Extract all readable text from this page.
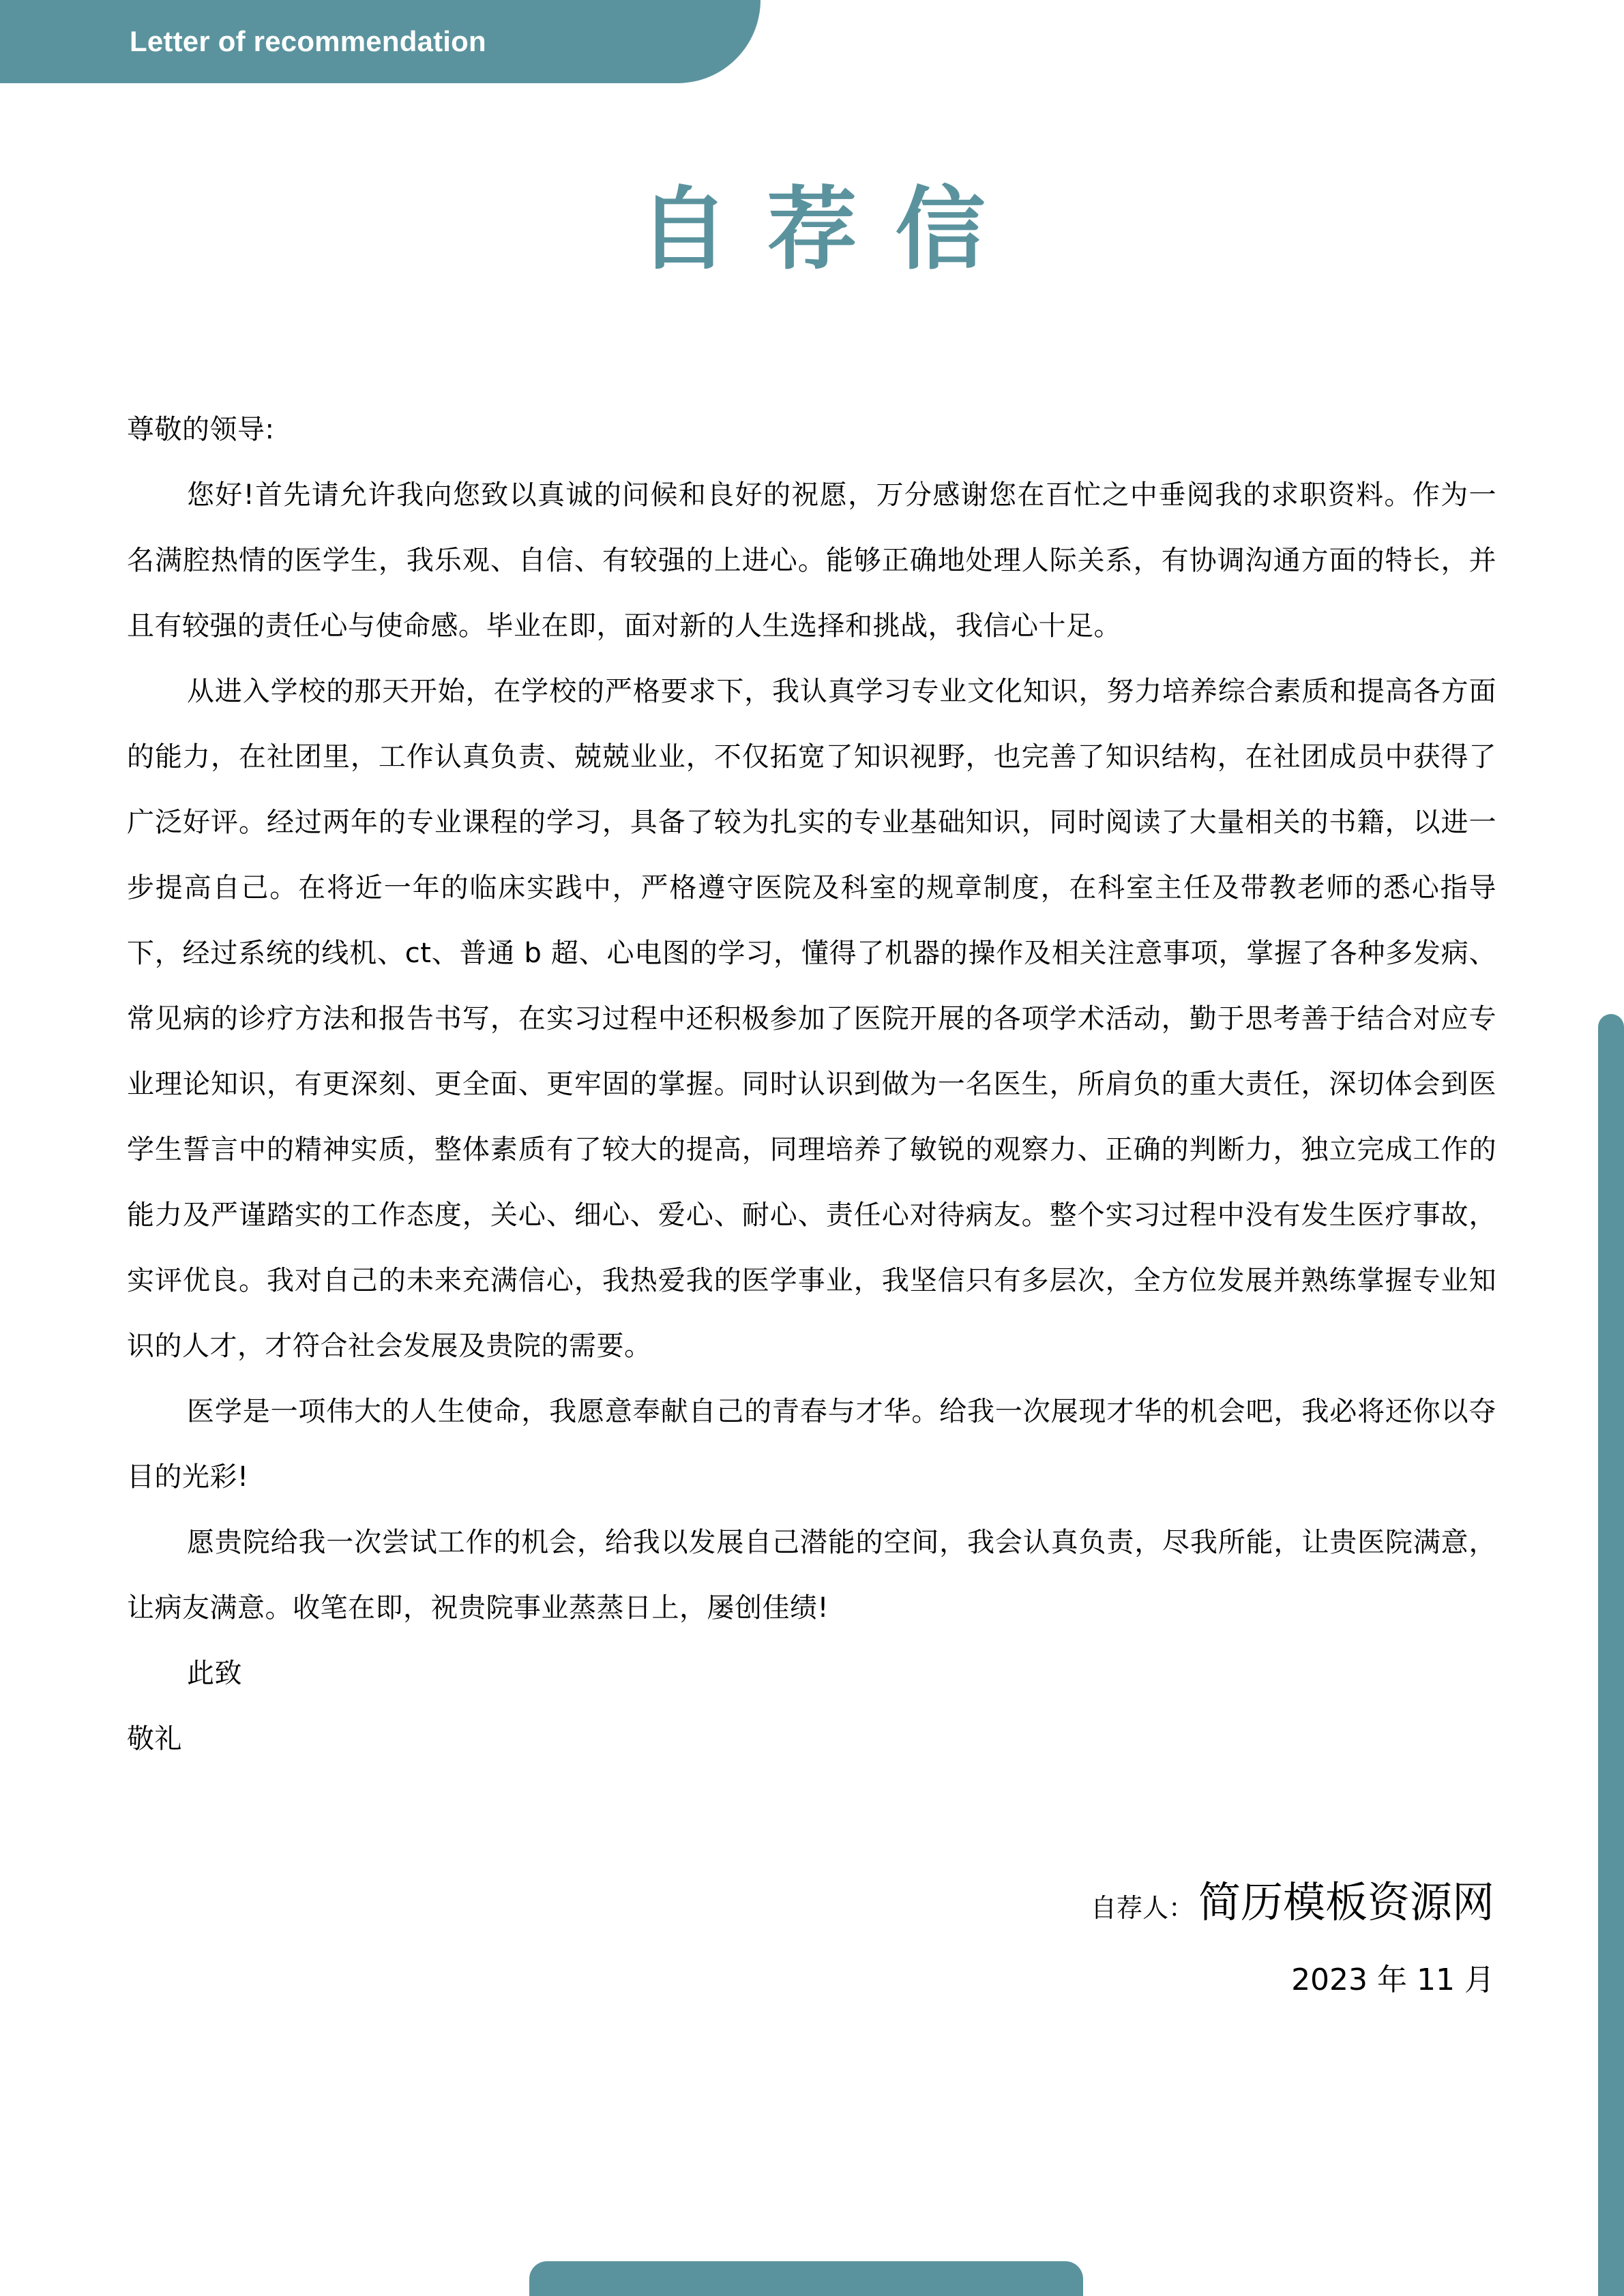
Letter of recommendation
自荐信

尊敬的领导:

您好!首先请允许我向您致以真诚的问候和良好的祝愿，万分感谢您在百忙之中垂阅我的求职资料。作为一名满腔热情的医学生，我乐观、自信、有较强的上进心。能够正确地处理人际关系，有协调沟通方面的特长，并且有较强的责任心与使命感。毕业在即，面对新的人生选择和挑战，我信心十足。

从进入学校的那天开始，在学校的严格要求下，我认真学习专业文化知识，努力培养综合素质和提高各方面的能力，在社团里，工作认真负责、兢兢业业，不仅拓宽了知识视野，也完善了知识结构，在社团成员中获得了广泛好评。经过两年的专业课程的学习，具备了较为扎实的专业基础知识，同时阅读了大量相关的书籍，以进一步提高自己。在将近一年的临床实践中，严格遵守医院及科室的规章制度，在科室主任及带教老师的悉心指导下，经过系统的线机、ct、普通 b 超、心电图的学习，懂得了机器的操作及相关注意事项，掌握了各种多发病、常见病的诊疗方法和报告书写，在实习过程中还积极参加了医院开展的各项学术活动，勤于思考善于结合对应专业理论知识，有更深刻、更全面、更牢固的掌握。同时认识到做为一名医生，所肩负的重大责任，深切体会到医学生誓言中的精神实质，整体素质有了较大的提高，同理培养了敏锐的观察力、正确的判断力，独立完成工作的能力及严谨踏实的工作态度，关心、细心、爱心、耐心、责任心对待病友。整个实习过程中没有发生医疗事故，实评优良。我对自己的未来充满信心，我热爱我的医学事业，我坚信只有多层次，全方位发展并熟练掌握专业知识的人才，才符合社会发展及贵院的需要。

医学是一项伟大的人生使命，我愿意奉献自己的青春与才华。给我一次展现才华的机会吧，我必将还你以夺目的光彩!

愿贵院给我一次尝试工作的机会，给我以发展自己潜能的空间，我会认真负责，尽我所能，让贵医院满意，让病友满意。收笔在即，祝贵院事业蒸蒸日上，屡创佳绩!

此致

敬礼

自荐人： 简历模板资源网
2023 年 11 月
